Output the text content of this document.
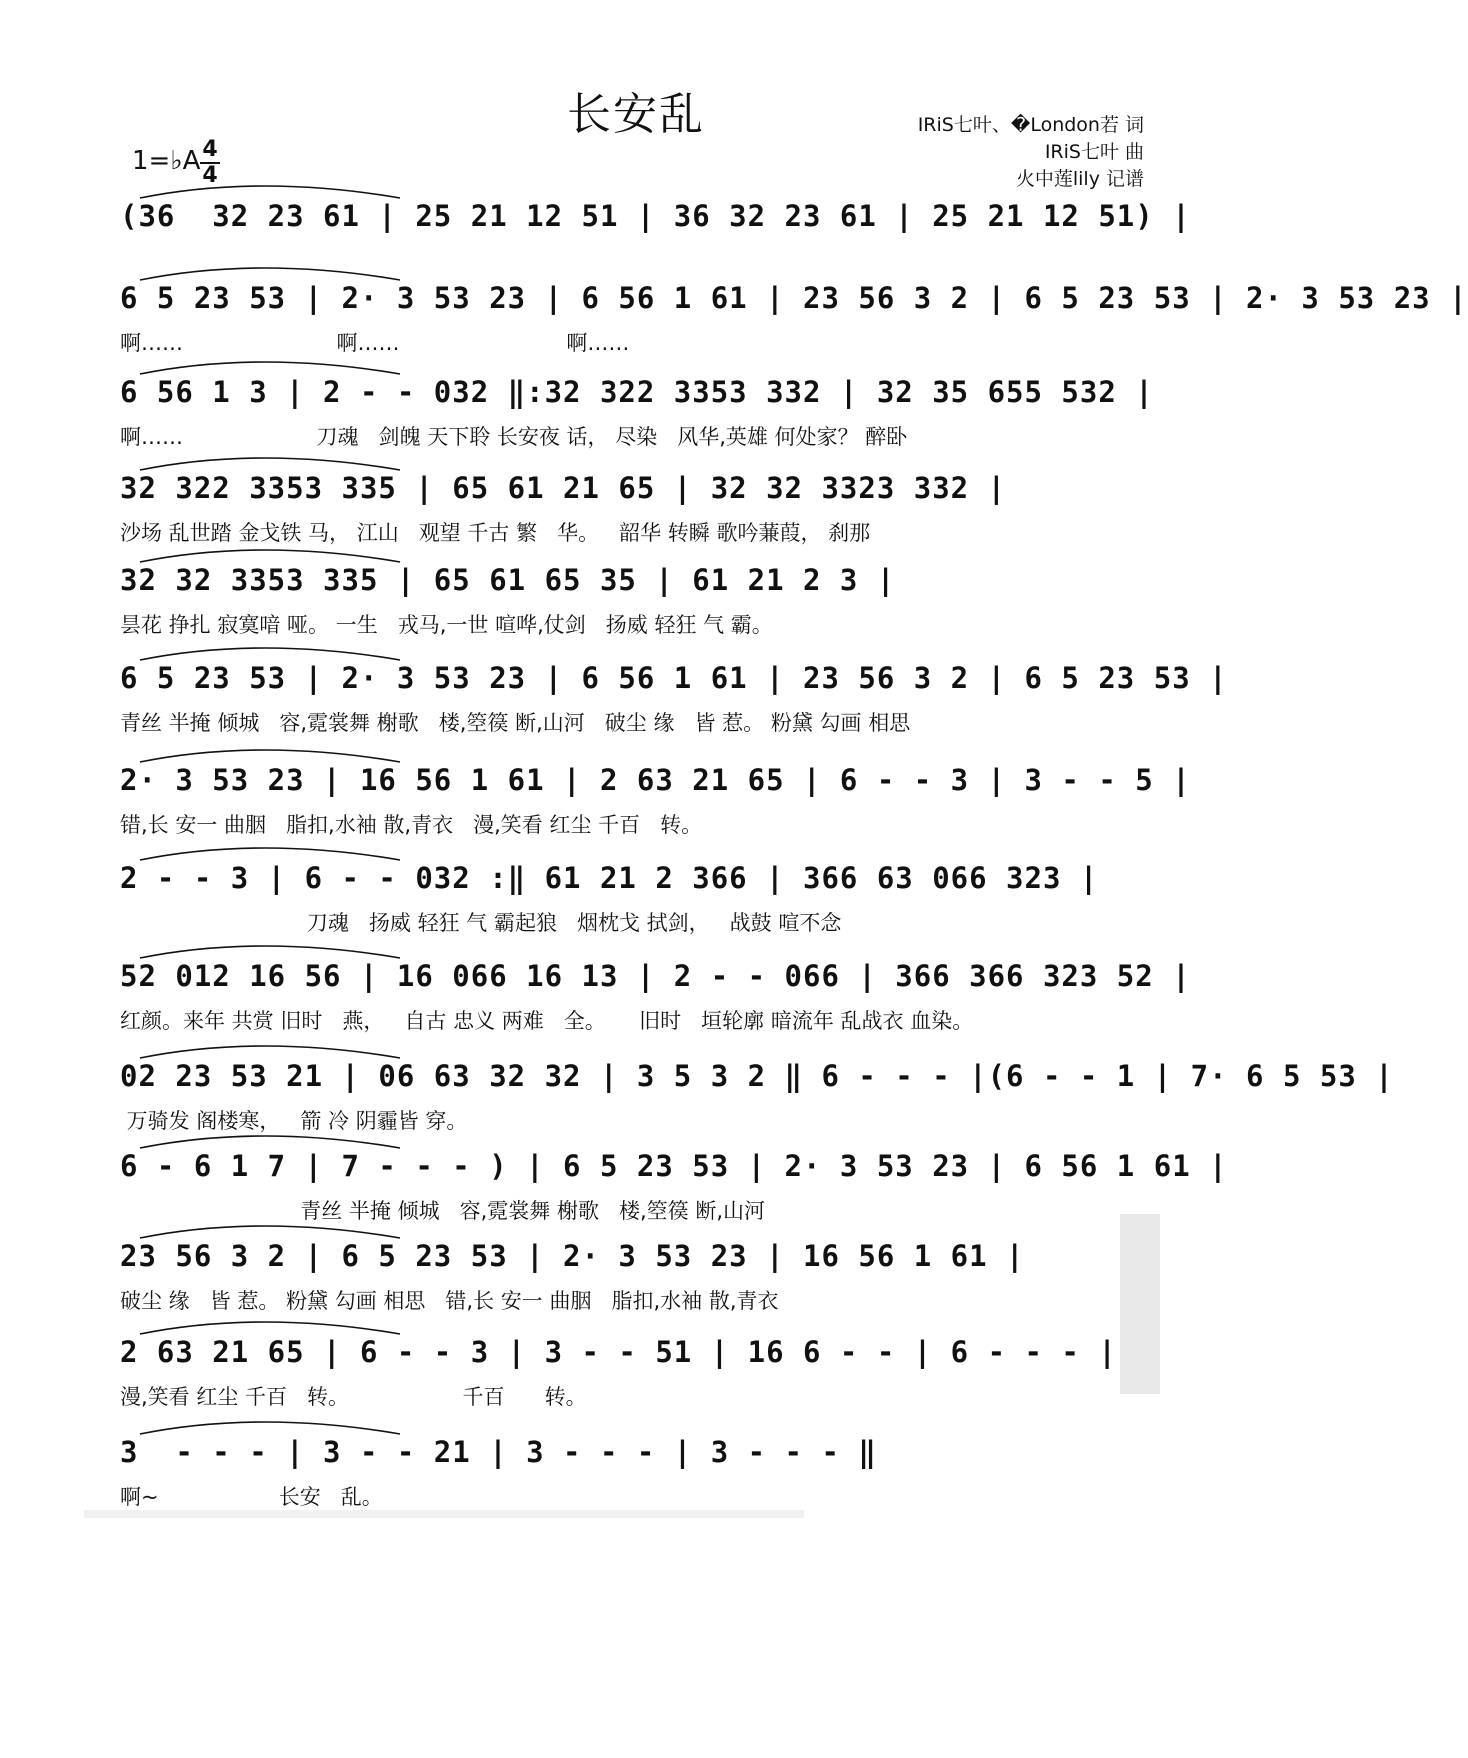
长安乱	IRiS七叶、�London若 词
IRiS七叶 曲
火中莲lily 记谱
1=♭A 4
4
(36  32 23 61 | 25 21 12 51 | 36 32 23 61 | 25 21 12 51) |
6 5 23 53 | 2· 3 53 23 | 6 56 1 61 | 23 56 3 2 | 6 5 23 53 | 2· 3 53 23 |
啊……                       啊……                         啊……
6 56 1 3 | 2 - - 032 ‖:32 322 3353 332 | 32 35 655 532 |
啊……                    刀魂   剑魄 天下聆 长安夜 话， 尽染   风华,英雄 何处家？ 醉卧
32 322 3353 335 | 65 61 21 65 | 32 32 3323 332 |
沙场 乱世踏 金戈铁 马， 江山   观望 千古 繁   华。   韶华 转瞬 歌吟蒹葭， 刹那
32 32 3353 335 | 65 61 65 35 | 61 21 2 3 |
昙花 挣扎 寂寞喑 哑。 一生   戎马,一世 喧哗,仗剑   扬威 轻狂 气 霸。
6 5 23 53 | 2· 3 53 23 | 6 56 1 61 | 23 56 3 2 | 6 5 23 53 |
青丝 半掩 倾城   容,霓裳舞 榭歌   楼,箜篌 断,山河   破尘 缘   皆 惹。 粉黛 勾画 相思
2· 3 53 23 | 16 56 1 61 | 2 63 21 65 | 6 - - 3 | 3 - - 5 |
错,长 安一 曲胭   脂扣,水袖 散,青衣   漫,笑看 红尘 千百   转。
2 - - 3 | 6 - - 032 :‖ 61 21 2 366 | 366 63 066 323 |
刀魂   扬威 轻狂 气 霸起狼   烟枕戈 拭剑，   战鼓 喧不念
52 012 16 56 | 16 066 16 13 | 2 - - 066 | 366 366 323 52 |
红颜。来年 共赏 旧时   燕，   自古 忠义 两难   全。     旧时   垣轮廓 暗流年 乱战衣 血染。
02 23 53 21 | 06 63 32 32 | 3 5 3 2 ‖ 6 - - - |(6 - - 1 | 7· 6 5 53 |
万骑发 阁楼寒，   箭 冷 阴霾皆 穿。
6 - 6 1 7 | 7 - - - ) | 6 5 23 53 | 2· 3 53 23 | 6 56 1 61 |
青丝 半掩 倾城   容,霓裳舞 榭歌   楼,箜篌 断,山河
23 56 3 2 | 6 5 23 53 | 2· 3 53 23 | 16 56 1 61 |
破尘 缘   皆 惹。 粉黛 勾画 相思   错,长 安一 曲胭   脂扣,水袖 散,青衣
2 63 21 65 | 6 - - 3 | 3 - - 51 | 16 6 - - | 6 - - - |
漫,笑看 红尘 千百   转。                 千百      转。
3  - - - | 3 - - 21 | 3 - - - | 3 - - - ‖
啊~                  长安   乱。
